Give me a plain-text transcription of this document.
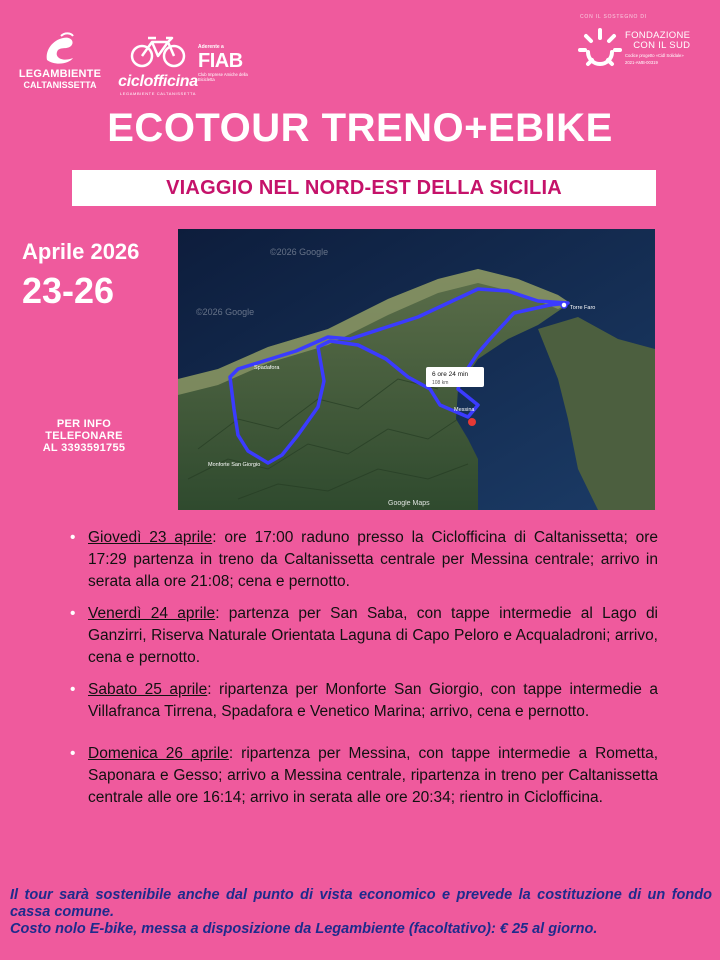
LEGAMBIENTE
CALTANISSETTA	ciclofficina
LEGAMBIENTE CALTANISSETTA
Aderente a
FIAB
Club Imprese Amiche della Bicicletta
CON IL SOSTEGNO DI
FONDAZIONE
CON IL SUD
Codice progetto «Cidl Solidale»
2021-AMB-00319
ECOTOUR TRENO+EBIKE
VIAGGIO NEL NORD-EST DELLA SICILIA
Aprile 2026
23-26
PER INFO
TELEFONARE
AL 3393591755
6 ore 24 min
108 km
Monforte San Giorgio
Messina
Torre Faro
Spadafora
©2026 Google
©2026 Google
Google Maps
• Giovedì 23 aprile: ore 17:00 raduno presso la Ciclofficina di Caltanissetta; ore 17:29 partenza in treno da Caltanissetta centrale per Messina centrale; arrivo in serata alla ore 21:08; cena e pernotto.
• Venerdì 24 aprile: partenza per San Saba, con tappe intermedie al Lago di Ganzirri, Riserva Naturale Orientata Laguna di Capo Peloro e Acqualadroni; arrivo, cena e pernotto.
• Sabato 25 aprile: ripartenza per Monforte San Giorgio, con tappe intermedie a Villafranca Tirrena, Spadafora e Venetico Marina; arrivo, cena e pernotto.
• Domenica 26 aprile: ripartenza per Messina, con tappe intermedie a Rometta, Saponara e Gesso; arrivo a Messina centrale, ripartenza in treno per Caltanissetta centrale alle ore 16:14; arrivo in serata alle ore 20:34; rientro in Ciclofficina.

Il tour sarà sostenibile anche dal punto di vista economico e prevede la costituzione di un fondo cassa comune.

Costo nolo E-bike, messa a disposizione da Legambiente (facoltativo): € 25 al giorno.
